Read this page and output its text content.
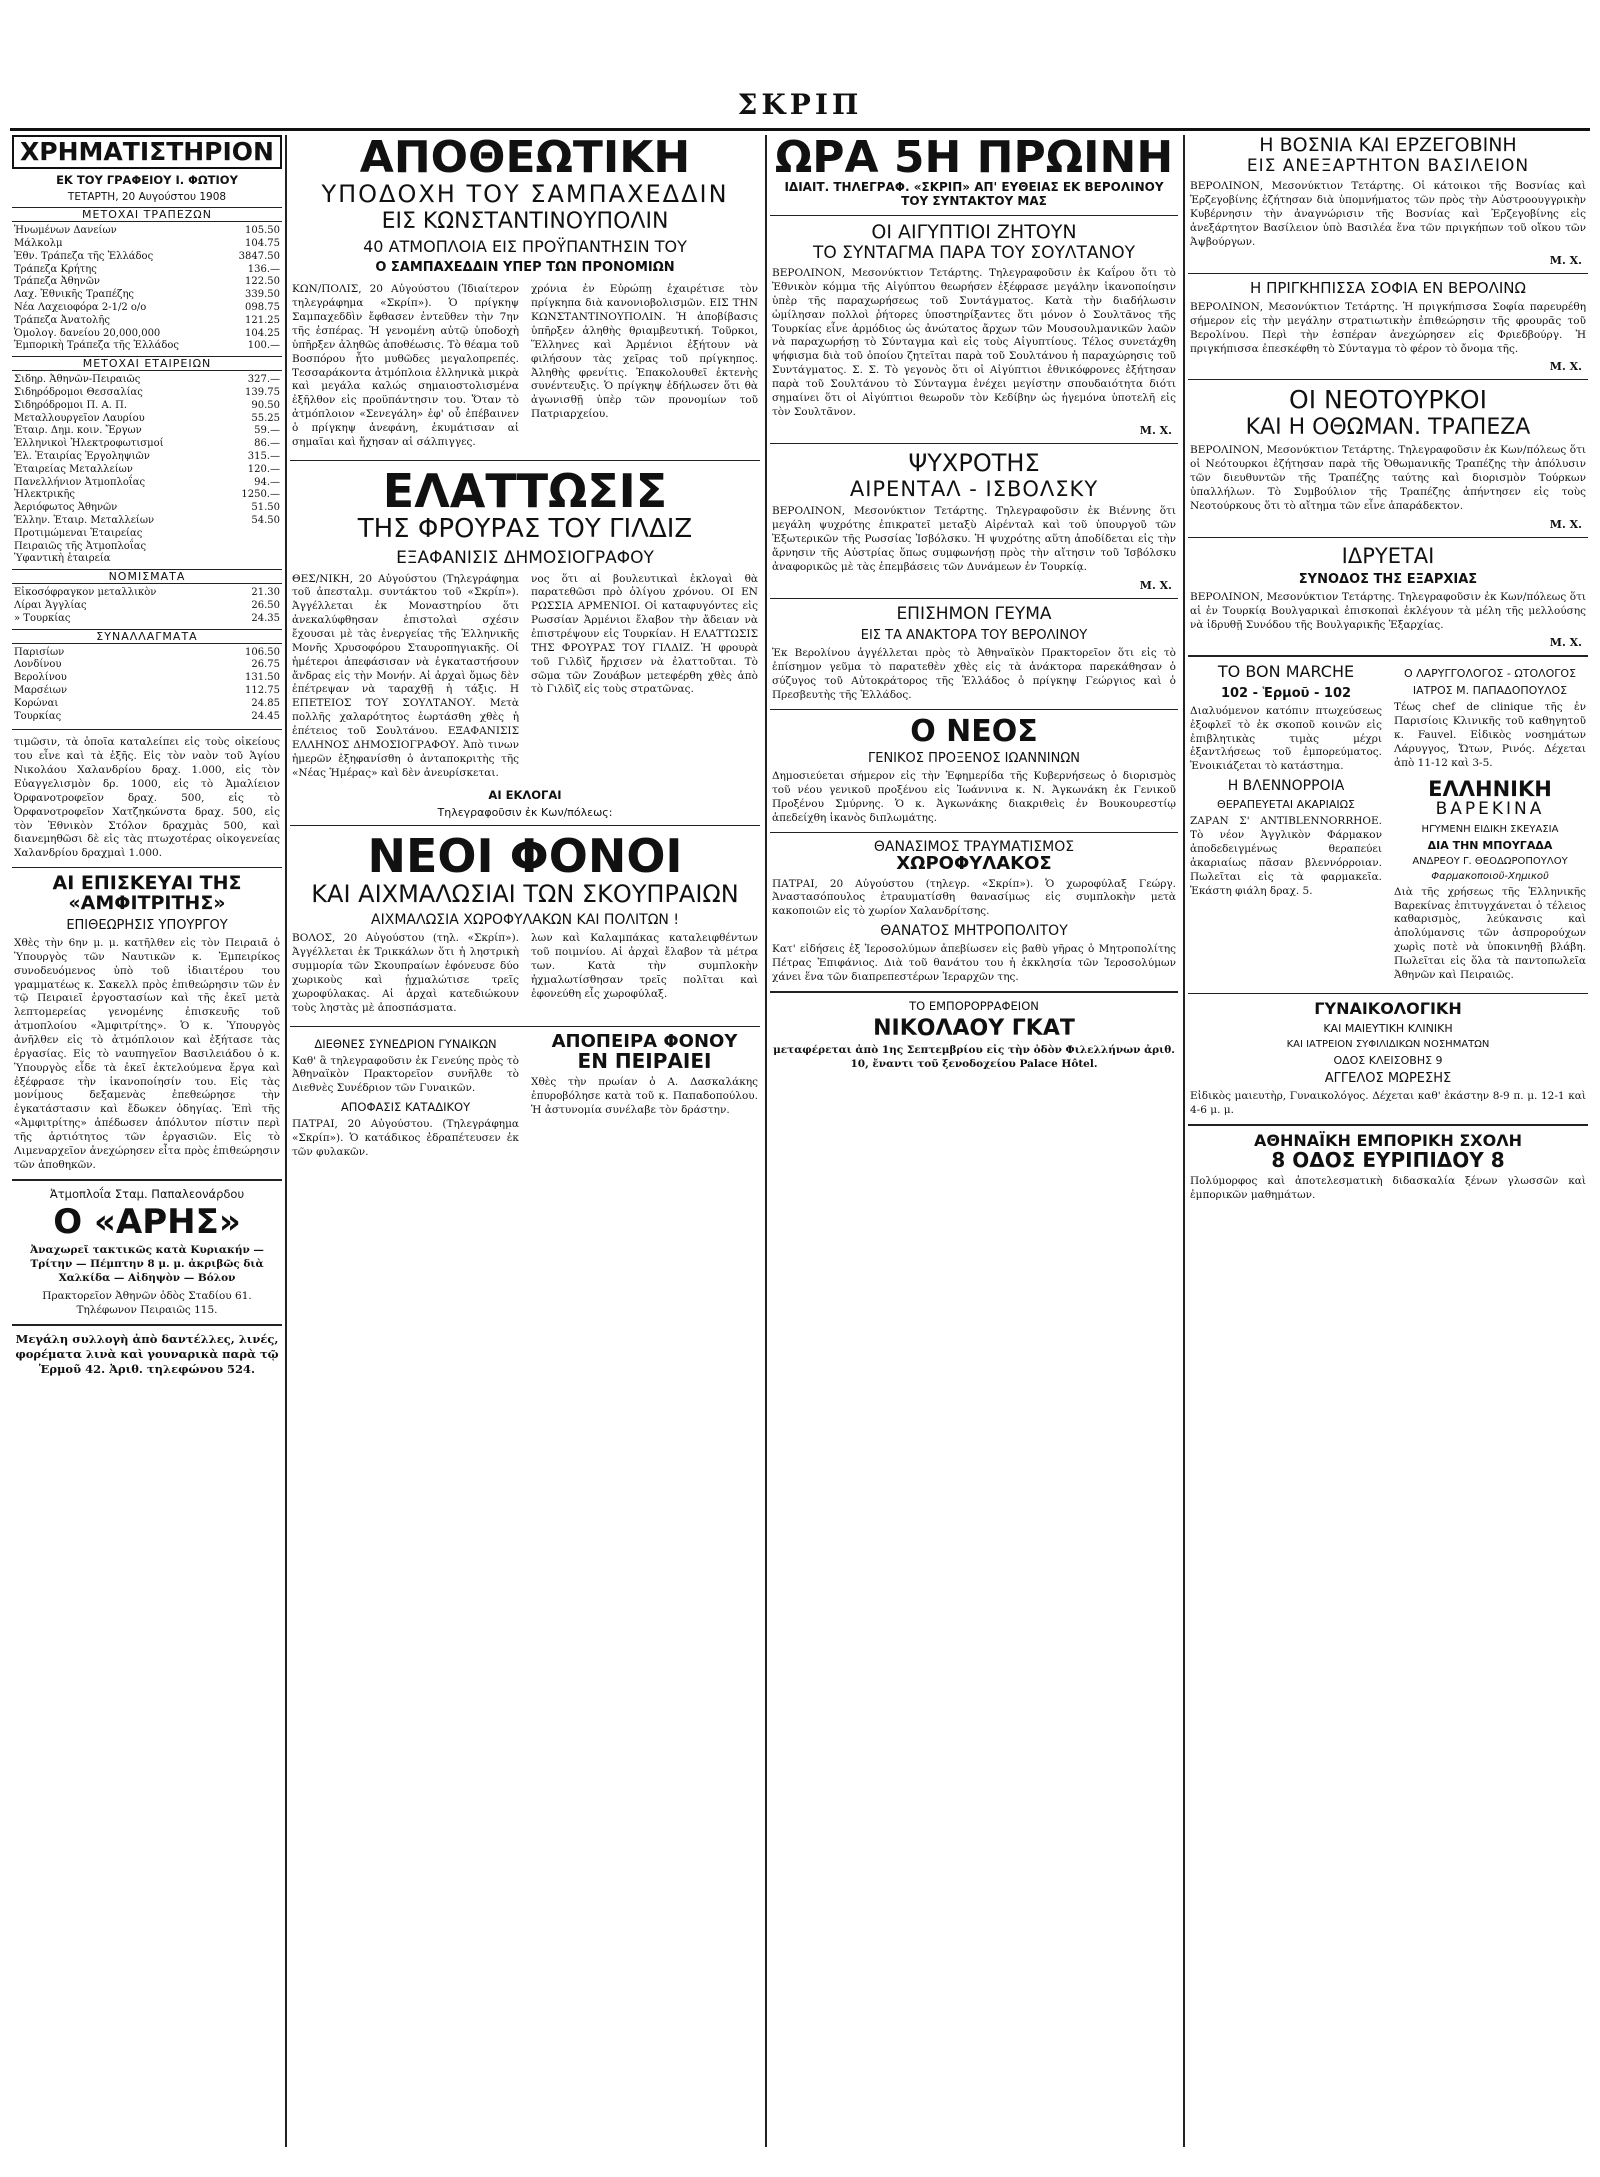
ΣΚΡΙΠ
ΧΡΗΜΑΤΙΣΤΗΡΙΟΝ
ΕΚ ΤΟΥ ΓΡΑΦΕΙΟΥ Ι. ΦΩΤΙΟΥ
ΤΕΤΑΡΤΗ, 20 Αυγούστου 1908
ΜΕΤΟΧΑΙ ΤΡΑΠΕΖΩΝ
Ἡνωμένων Δανείων	105.50
Μάλκολμ	104.75
Ἐθν. Τράπεζα τῆς Ἑλλάδος	3847.50
Τράπεζα Κρήτης	136.—
Τράπεζα Ἀθηνῶν	122.50
Λαχ. Ἐθνικῆς Τραπέζης	339.50
Νέα Λαχειοφόρα 2-1/2 ο/ο	098.75
Τράπεζα Ἀνατολῆς	121.25
Ὁμολογ. δανείου 20,000,000	104.25
Ἐμπορικὴ Τράπεζα τῆς Ἑλλάδος	100.—
ΜΕΤΟΧΑΙ ΕΤΑΙΡΕΙΩΝ
Σιδηρ. Ἀθηνῶν-Πειραιῶς	327.—
Σιδηρόδρομοι Θεσσαλίας	139.75
Σιδηρόδρομοι Π. Α. Π.	90.50
Μεταλλουργεῖον Λαυρίου	55.25
Ἑταιρ. Δημ. κοιν. Ἔργων	59.—
Ἑλληνικοὶ Ἠλεκτροφωτισμοί	86.—
Ἑλ. Ἑταιρίας Ἐργοληψιῶν	315.—
Ἑταιρείας Μεταλλείων	120.—
Πανελλήνιον Ἀτμοπλοΐας	94.—
Ἠλεκτρικῆς	1250.—
Ἀεριόφωτος Ἀθηνῶν	51.50
Ἑλλην. Ἑταιρ. Μεταλλείων	54.50
Προτιμώμεναι Ἑταιρείας	
Πειραιῶς τῆς Ἀτμοπλοΐας	
Ὑφαντικὴ ἑταιρεία	
ΝΟΜΙΣΜΑΤΑ
Εἰκοσόφραγκον μεταλλικὸν	21.30
Λίραι Ἀγγλίας	26.50
» Τουρκίας	24.35
ΣΥΝΑΛΛΑΓΜΑΤΑ
Παρισίων	106.50
Λονδίνου	26.75
Βερολίνου	131.50
Μαρσέιων	112.75
Κορώναι	24.85
Τουρκίας	24.45
τιμῶσιν, τὰ ὁποῖα καταλείπει εἰς τοὺς οἰκείους του εἶνε καὶ τὰ ἑξῆς. Εἰς τὸν ναὸν τοῦ Ἁγίου Νικολάου Χαλανδρίου δραχ. 1.000, εἰς τὸν Εὐαγγελισμὸν δρ. 1000, εἰς τὸ Ἀμαλίειον Ὀρφανοτροφεῖον δραχ. 500, εἰς τὸ Ὀρφανοτροφεῖον Χατζηκώνστα δραχ. 500, εἰς τὸν Ἐθνικὸν Στόλον δραχμὰς 500, καὶ διανεμηθῶσι δὲ εἰς τὰς πτωχοτέρας οἰκογενείας Χαλανδρίου δραχμαὶ 1.000.
ΑΙ ΕΠΙΣΚΕΥΑΙ ΤΗΣ «ΑΜΦΙΤΡΙΤΗΣ»
ΕΠΙΘΕΩΡΗΣΙΣ ΥΠΟΥΡΓΟΥ
Χθὲς τὴν 6ην μ. μ. κατῆλθεν εἰς τὸν Πειραιᾶ ὁ Ὑπουργὸς τῶν Ναυτικῶν κ. Ἐμπειρίκος συνοδευόμενος ὑπὸ τοῦ ἰδιαιτέρου του γραμματέως κ. Σακελλ πρὸς ἐπιθεώρησιν τῶν ἐν τῷ Πειραιεῖ ἐργοστασίων καὶ τῆς ἐκεῖ μετὰ λεπτομερείας γενομένης ἐπισκευῆς τοῦ ἀτμοπλοίου «Ἀμφιτρίτης». Ὁ κ. Ὑπουργὸς ἀνῆλθεν εἰς τὸ ἀτμόπλοιον καὶ ἐξήτασε τὰς ἐργασίας. Εἰς τὸ ναυπηγεῖον Βασιλειάδου ὁ κ. Ὑπουργὸς εἶδε τὰ ἐκεῖ ἐκτελούμενα ἔργα καὶ ἐξέφρασε τὴν ἱκανοποίησίν του. Εἰς τὰς μονίμους δεξαμενὰς ἐπεθεώρησε τὴν ἐγκατάστασιν καὶ ἔδωκεν ὁδηγίας. Ἐπὶ τῆς «Ἀμφιτρίτης» ἀπέδωσεν ἀπόλυτον πίστιν περὶ τῆς ἀρτιότητος τῶν ἐργασιῶν. Εἰς τὸ Λιμεναρχεῖον ἀνεχώρησεν εἶτα πρὸς ἐπιθεώρησιν τῶν ἀποθηκῶν.
Ἀτμοπλοΐα Σταμ. Παπαλεονάρδου
Ο «ΑΡΗΣ»
Ἀναχωρεῖ τακτικῶς κατὰ Κυριακήν — Τρίτην — Πέμπτην 8 μ. μ. ἀκριβῶς διὰ Χαλκίδα — Αἰδηψὸν — Βόλον
Πρακτορεῖον Ἀθηνῶν ὁδὸς Σταδίου 61. Τηλέφωνον Πειραιῶς 115.
Μεγάλη συλλογὴ ἀπὸ δαντέλλες, λινές, φορέματα λινὰ καὶ γουναρικὰ παρὰ τῷ Ἑρμοῦ 42. Ἀριθ. τηλεφώνου 524.
ΑΠΟΘΕΩΤΙΚΗ
ΥΠΟΔΟΧΗ ΤΟΥ ΣΑΜΠΑΧΕΔΔΙΝ
ΕΙΣ ΚΩΝΣΤΑΝΤΙΝΟΥΠΟΛΙΝ
40 ΑΤΜΟΠΛΟΙΑ ΕΙΣ ΠΡΟΫΠΑΝΤΗΣΙΝ ΤΟΥ
Ο ΣΑΜΠΑΧΕΔΔΙΝ ΥΠΕΡ ΤΩΝ ΠΡΟΝΟΜΙΩΝ
ΚΩΝ/ΠΟΛΙΣ, 20 Αὐγούστου (Ἰδιαίτερον τηλεγράφημα «Σκρίπ»). Ὁ πρίγκηψ Σαμπαχεδδὶν ἔφθασεν ἐντεῦθεν τὴν 7ην τῆς ἑσπέρας. Ἡ γενομένη αὐτῷ ὑποδοχὴ ὑπῆρξεν ἀληθῶς ἀποθέωσις. Τὸ θέαμα τοῦ Βοσπόρου ἦτο μυθῶδες μεγαλοπρεπές. Τεσσαράκοντα ἀτμόπλοια ἑλληνικὰ μικρὰ καὶ μεγάλα καλώς σημαιοστολισμένα ἐξῆλθον εἰς προϋπάντησιν του. Ὅταν τὸ ἀτμόπλοιον «Σενεγάλη» ἐφ' οὗ ἐπέβαινεν ὁ πρίγκηψ ἀνεφάνη, ἐκυμάτισαν αἱ σημαῖαι καὶ ἤχησαν αἱ σάλπιγγες.
χρόνια ἐν Εὐρώπῃ ἐχαιρέτισε τὸν πρίγκηπα διὰ κανονιοβολισμῶν. ΕΙΣ ΤΗΝ ΚΩΝΣΤΑΝΤΙΝΟΥΠΟΛΙΝ. Ἡ ἀποβίβασις ὑπῆρξεν ἀληθὴς θριαμβευτική. Τοῦρκοι, Ἕλληνες καὶ Ἀρμένιοι ἐξήτουν νὰ φιλήσουν τὰς χεῖρας τοῦ πρίγκηπος. Ἀληθὴς φρενίτις. Ἐπακολουθεῖ ἐκτενὴς συνέντευξις. Ὁ πρίγκηψ ἐδήλωσεν ὅτι θὰ ἀγωνισθῇ ὑπὲρ τῶν προνομίων τοῦ Πατριαρχείου.
ΕΛΑΤΤΩΣΙΣ
ΤΗΣ ΦΡΟΥΡΑΣ ΤΟΥ ΓΙΛΔΙΖ
ΕΞΑΦΑΝΙΣΙΣ ΔΗΜΟΣΙΟΓΡΑΦΟΥ
ΘΕΣ/ΝΙΚΗ, 20 Αὐγούστου (Τηλεγράφημα τοῦ ἀπεσταλμ. συντάκτου τοῦ «Σκρίπ»). Ἀγγέλλεται ἐκ Μοναστηρίου ὅτι ἀνεκαλύφθησαν ἐπιστολαὶ σχέσιν ἔχουσαι μὲ τὰς ἐνεργείας τῆς Ἑλληνικῆς Μονῆς Χρυσοφόρου Σταυροπηγιακῆς. Οἱ ἡμέτεροι ἀπεφάσισαν νὰ ἐγκαταστήσουν ἄνδρας εἰς τὴν Μονήν. Αἱ ἀρχαὶ ὅμως δὲν ἐπέτρεψαν νὰ ταραχθῇ ἡ τάξις. Η ΕΠΕΤΕΙΟΣ ΤΟΥ ΣΟΥΛΤΑΝΟΥ. Μετὰ πολλῆς χαλαρότητος ἑωρτάσθη χθὲς ἡ ἐπέτειος τοῦ Σουλτάνου. ΕΞΑΦΑΝΙΣΙΣ ΕΛΛΗΝΟΣ ΔΗΜΟΣΙΟΓΡΑΦΟΥ. Ἀπὸ τινων ἡμερῶν ἐξηφανίσθη ὁ ἀνταποκριτὴς τῆς «Νέας Ἡμέρας» καὶ δὲν ἀνευρίσκεται.
νος ὅτι αἱ βουλευτικαὶ ἐκλογαὶ θὰ παρατεθῶσι πρὸ ὀλίγου χρόνου. ΟΙ ΕΝ ΡΩΣΣΙΑ ΑΡΜΕΝΙΟΙ. Οἱ καταφυγόντες εἰς Ρωσσίαν Ἀρμένιοι ἔλαβον τὴν ἄδειαν νὰ ἐπιστρέψουν εἰς Τουρκίαν. Η ΕΛΑΤΤΩΣΙΣ ΤΗΣ ΦΡΟΥΡΑΣ ΤΟΥ ΓΙΛΔΙΖ. Ἡ φρουρὰ τοῦ Γιλδὶζ ἤρχισεν νὰ ἐλαττοῦται. Τὸ σῶμα τῶν Ζουάβων μετεφέρθη χθὲς ἀπὸ τὸ Γιλδὶζ εἰς τοὺς στρατῶνας.
ΑΙ ΕΚΛΟΓΑΙ
Τηλεγραφοῦσιν ἐκ Κων/πόλεως:
ΝΕΟΙ ΦΟΝΟΙ
ΚΑΙ ΑΙΧΜΑΛΩΣΙΑΙ ΤΩΝ ΣΚΟΥΠΡΑΙΩΝ
ΑΙΧΜΑΛΩΣΙΑ ΧΩΡΟΦΥΛΑΚΩΝ ΚΑΙ ΠΟΛΙΤΩΝ !
ΒΟΛΟΣ, 20 Αὐγούστου (τηλ. «Σκρίπ»). Ἀγγέλλεται ἐκ Τρικκάλων ὅτι ἡ ληστρικὴ συμμορία τῶν Σκουπραίων ἐφόνευσε δύο χωρικοὺς καὶ ᾐχμαλώτισε τρεῖς χωροφύλακας. Αἱ ἀρχαὶ κατεδιώκουν τοὺς ληστὰς μὲ ἀποσπάσματα.
λων καὶ Καλαμπάκας καταλειφθέντων τοῦ ποιμνίου. Αἱ ἀρχαὶ ἔλαβον τὰ μέτρα των. Κατὰ τὴν συμπλοκὴν ἠχμαλωτίσθησαν τρεῖς πολῖται καὶ ἐφονεύθη εἷς χωροφύλαξ.
ΔΙΕΘΝΕΣ ΣΥΝΕΔΡΙΟΝ ΓΥΝΑΙΚΩΝ
Καθ' ἃ τηλεγραφοῦσιν ἐκ Γενεύης πρὸς τὸ Ἀθηναϊκὸν Πρακτορεῖον συνῆλθε τὸ Διεθνὲς Συνέδριον τῶν Γυναικῶν.
ΑΠΟΦΑΣΙΣ ΚΑΤΑΔΙΚΟΥ
ΠΑΤΡΑΙ, 20 Αὐγούστου. (Τηλεγράφημα «Σκρίπ»). Ὁ κατάδικος ἐδραπέτευσεν ἐκ τῶν φυλακῶν.
ΑΠΟΠΕΙΡΑ ΦΟΝΟΥ
ΕΝ ΠΕΙΡΑΙΕΙ
Χθὲς τὴν πρωίαν ὁ Α. Δασκαλάκης ἐπυροβόλησε κατὰ τοῦ κ. Παπαδοπούλου. Ἡ ἀστυνομία συνέλαβε τὸν δράστην.
ΩΡΑ 5Η ΠΡΩΙΝΗ
ΙΔΙΑΙΤ. ΤΗΛΕΓΡΑΦ. «ΣΚΡΙΠ» ΑΠ' ΕΥΘΕΙΑΣ ΕΚ ΒΕΡΟΛΙΝΟΥ ΤΟΥ ΣΥΝΤΑΚΤΟΥ ΜΑΣ
ΟΙ ΑΙΓΥΠΤΙΟΙ ΖΗΤΟΥΝ
ΤΟ ΣΥΝΤΑΓΜΑ ΠΑΡΑ ΤΟΥ ΣΟΥΛΤΑΝΟΥ
ΒΕΡΟΛΙΝΟΝ, Μεσονύκτιον Τετάρτης. Τηλεγραφοῦσιν ἐκ Καΐρου ὅτι τὸ Ἐθνικὸν κόμμα τῆς Αἰγύπτου θεωρήσεν ἐξέφρασε μεγάλην ἱκανοποίησιν ὑπὲρ τῆς παραχωρήσεως τοῦ Συντάγματος. Κατὰ τὴν διαδήλωσιν ὡμίλησαν πολλοὶ ῥήτορες ὑποστηρίξαντες ὅτι μόνον ὁ Σουλτᾶνος τῆς Τουρκίας εἶνε ἁρμόδιος ὡς ἀνώτατος ἄρχων τῶν Μουσουλμανικῶν λαῶν νὰ παραχωρήσῃ τὸ Σύνταγμα καὶ εἰς τοὺς Αἰγυπτίους. Τέλος συνετάχθη ψήφισμα διὰ τοῦ ὁποίου ζητεῖται παρὰ τοῦ Σουλτάνου ἡ παραχώρησις τοῦ Συντάγματος. Σ. Σ. Τὸ γεγονὸς ὅτι οἱ Αἰγύπτιοι ἐθνικόφρονες ἐξήτησαν παρὰ τοῦ Σουλτάνου τὸ Σύνταγμα ἐνέχει μεγίστην σπουδαιότητα διότι σημαίνει ὅτι οἱ Αἰγύπτιοι θεωροῦν τὸν Κεδίβην ὡς ἡγεμόνα ὑποτελῆ εἰς τὸν Σουλτᾶνον.
Μ. Χ.
ΨΥΧΡΟΤΗΣ
ΑΙΡΕΝΤΑΛ - ΙΣΒΟΛΣΚΥ
ΒΕΡΟΛΙΝΟΝ, Μεσονύκτιον Τετάρτης. Τηλεγραφοῦσιν ἐκ Βιέννης ὅτι μεγάλη ψυχρότης ἐπικρατεῖ μεταξὺ Αἰρένταλ καὶ τοῦ ὑπουργοῦ τῶν Ἐξωτερικῶν τῆς Ρωσσίας Ἰσβόλσκυ. Ἡ ψυχρότης αὕτη ἀποδίδεται εἰς τὴν ἄρνησιν τῆς Αὐστρίας ὅπως συμφωνήσῃ πρὸς τὴν αἴτησιν τοῦ Ἰσβόλσκυ ἀναφορικῶς μὲ τὰς ἐπεμβάσεις τῶν Δυνάμεων ἐν Τουρκίᾳ.
Μ. Χ.
ΕΠΙΣΗΜΟΝ ΓΕΥΜΑ
ΕΙΣ ΤΑ ΑΝΑΚΤΟΡΑ ΤΟΥ ΒΕΡΟΛΙΝΟΥ
Ἐκ Βερολίνου ἀγγέλλεται πρὸς τὸ Ἀθηναϊκὸν Πρακτορεῖον ὅτι εἰς τὸ ἐπίσημον γεῦμα τὸ παρατεθὲν χθὲς εἰς τὰ ἀνάκτορα παρεκάθησαν ὁ σύζυγος τοῦ Αὐτοκράτορος τῆς Ἑλλάδος ὁ πρίγκηψ Γεώργιος καὶ ὁ Πρεσβευτὴς τῆς Ἑλλάδος.
Ο ΝΕΟΣ
ΓΕΝΙΚΟΣ ΠΡΟΞΕΝΟΣ ΙΩΑΝΝΙΝΩΝ
Δημοσιεύεται σήμερον εἰς τὴν Ἐφημερίδα τῆς Κυβερνήσεως ὁ διορισμὸς τοῦ νέου γενικοῦ προξένου εἰς Ἰωάννινα κ. Ν. Ἀγκωνάκη ἐκ Γενικοῦ Προξένου Σμύρνης. Ὁ κ. Ἀγκωνάκης διακριθεὶς ἐν Βουκουρεστίῳ ἀπεδείχθη ἱκανὸς διπλωμάτης.
ΘΑΝΑΣΙΜΟΣ ΤΡΑΥΜΑΤΙΣΜΟΣ
ΧΩΡΟΦΥΛΑΚΟΣ
ΠΑΤΡΑΙ, 20 Αὐγούστου (τηλεγρ. «Σκρίπ»). Ὁ χωροφύλαξ Γεώργ. Ἀναστασόπουλος ἐτραυματίσθη θανασίμως εἰς συμπλοκὴν μετὰ κακοποιῶν εἰς τὸ χωρίον Χαλανδρίτσης.
ΘΑΝΑΤΟΣ ΜΗΤΡΟΠΟΛΙΤΟΥ
Κατ' εἰδήσεις ἐξ Ἱεροσολύμων ἀπεβίωσεν εἰς βαθὺ γῆρας ὁ Μητροπολίτης Πέτρας Ἐπιφάνιος. Διὰ τοῦ θανάτου του ἡ ἐκκλησία τῶν Ἱεροσολύμων χάνει ἕνα τῶν διαπρεπεστέρων Ἱεραρχῶν της.
ΤΟ ΕΜΠΟΡΟΡΡΑΦΕΙΟΝ
ΝΙΚΟΛΑΟΥ ΓΚΑΤ
μεταφέρεται ἀπὸ 1ης Σεπτεμβρίου εἰς τὴν ὁδὸν Φιλελλήνων ἀριθ. 10, ἔναντι τοῦ ξενοδοχείου Palace Hôtel.
Η ΒΟΣΝΙΑ ΚΑΙ ΕΡΖΕΓΟΒΙΝΗ
ΕΙΣ ΑΝΕΞΑΡΤΗΤΟΝ ΒΑΣΙΛΕΙΟΝ
ΒΕΡΟΛΙΝΟΝ, Μεσονύκτιον Τετάρτης. Οἱ κάτοικοι τῆς Βοσνίας καὶ Ἐρζεγοβίνης ἐζήτησαν διὰ ὑπομνήματος τῶν πρὸς τὴν Αὐστροουγγρικὴν Κυβέρνησιν τὴν ἀναγνώρισιν τῆς Βοσνίας καὶ Ἐρζεγοβίνης εἰς ἀνεξάρτητον Βασίλειον ὑπὸ Βασιλέα ἕνα τῶν πριγκήπων τοῦ οἴκου τῶν Ἀψβούργων.
Μ. Χ.
Η ΠΡΙΓΚΗΠΙΣΣΑ ΣΟΦΙΑ ΕΝ ΒΕΡΟΛΙΝΩ
ΒΕΡΟΛΙΝΟΝ, Μεσονύκτιον Τετάρτης. Ἡ πριγκήπισσα Σοφία παρευρέθη σήμερον εἰς τὴν μεγάλην στρατιωτικὴν ἐπιθεώρησιν τῆς φρουρᾶς τοῦ Βερολίνου. Περὶ τὴν ἑσπέραν ἀνεχώρησεν εἰς Φριεδβούργ. Ἡ πριγκήπισσα ἐπεσκέφθη τὸ Σύνταγμα τὸ φέρον τὸ ὄνομα τῆς.
Μ. Χ.
ΟΙ ΝΕΟΤΟΥΡΚΟΙ
ΚΑΙ Η ΟΘΩΜΑΝ. ΤΡΑΠΕΖΑ
ΒΕΡΟΛΙΝΟΝ, Μεσονύκτιον Τετάρτης. Τηλεγραφοῦσιν ἐκ Κων/πόλεως ὅτι οἱ Νεότουρκοι ἐζήτησαν παρὰ τῆς Ὀθωμανικῆς Τραπέζης τὴν ἀπόλυσιν τῶν διευθυντῶν τῆς Τραπέζης ταύτης καὶ διορισμὸν Τούρκων ὑπαλλήλων. Τὸ Συμβούλιον τῆς Τραπέζης ἀπήντησεν εἰς τοὺς Νεοτούρκους ὅτι τὸ αἴτημα τῶν εἶνε ἀπαράδεκτον.
Μ. Χ.
ΙΔΡΥΕΤΑΙ
ΣΥΝΟΔΟΣ ΤΗΣ ΕΞΑΡΧΙΑΣ
ΒΕΡΟΛΙΝΟΝ, Μεσονύκτιον Τετάρτης. Τηλεγραφοῦσιν ἐκ Κων/πόλεως ὅτι αἱ ἐν Τουρκίᾳ Βουλγαρικαὶ ἐπισκοπαὶ ἐκλέγουν τὰ μέλη τῆς μελλούσης νὰ ἱδρυθῇ Συνόδου τῆς Βουλγαρικῆς Ἐξαρχίας.
Μ. Χ.
ΤΟ BON MARCHE
102 - Ἑρμοῦ - 102
Διαλυόμενον κατόπιν πτωχεύσεως ἐξοφλεῖ τὸ ἐκ σκοποῦ κοινῶν εἰς ἐπιβλητικὰς τιμὰς μέχρι ἐξαντλήσεως τοῦ ἐμπορεύματος. Ἐνοικιάζεται τὸ κατάστημα.
Ο ΛΑΡΥΓΓΟΛΟΓΟΣ - ΩΤΟΛΟΓΟΣ
ΙΑΤΡΟΣ Μ. ΠΑΠΑΔΟΠΟΥΛΟΣ
Τέως chef de clinique τῆς ἐν Παρισίοις Κλινικῆς τοῦ καθηγητοῦ κ. Fauvel. Εἰδικὸς νοσημάτων Λάρυγγος, Ὤτων, Ρινός. Δέχεται ἀπὸ 11-12 καὶ 3-5.
Η ΒΛΕΝΝΟΡΡΟΙΑ
ΘΕΡΑΠΕΥΕΤΑΙ ΑΚΑΡΙΑΙΩΣ
ΖΑΡΑΝ Σ' ANTIBLENNORRHOE. Τὸ νέον Ἀγγλικὸν Φάρμακον ἀποδεδειγμένως θεραπεύει ἀκαριαίως πᾶσαν βλεννόρροιαν. Πωλεῖται εἰς τὰ φαρμακεῖα. Ἑκάστη φιάλη δραχ. 5.
ΕΛΛΗΝΙΚΗ
ΒΑΡΕΚΙΝΑ
ΗΓΥΜΕΝΗ ΕΙΔΙΚΗ ΣΚΕΥΑΣΙΑ
ΔΙΑ ΤΗΝ ΜΠΟΥΓΑΔΑ
ΑΝΔΡΕΟΥ Γ. ΘΕΟΔΩΡΟΠΟΥΛΟΥ
Φαρμακοποιοῦ-Χημικοῦ
Διὰ τῆς χρήσεως τῆς Ἑλληνικῆς Βαρεκίνας ἐπιτυγχάνεται ὁ τέλειος καθαρισμὸς, λεύκανσις καὶ ἀπολύμανσις τῶν ἀσπρορούχων χωρὶς ποτὲ νὰ ὑποκινηθῇ βλάβη. Πωλεῖται εἰς ὅλα τὰ παντοπωλεῖα Ἀθηνῶν καὶ Πειραιῶς.
ΓΥΝΑΙΚΟΛΟΓΙΚΗ
ΚΑΙ ΜΑΙΕΥΤΙΚΗ ΚΛΙΝΙΚΗ
ΚΑΙ ΙΑΤΡΕΙΟΝ ΣΥΦΙΛΙΔΙΚΩΝ ΝΟΣΗΜΑΤΩΝ
ΟΔΟΣ ΚΛΕΙΣΟΒΗΣ 9
ΑΓΓΕΛΟΣ ΜΩΡΕΣΗΣ
Εἰδικὸς μαιευτὴρ, Γυναικολόγος. Δέχεται καθ' ἑκάστην 8-9 π. μ. 12-1 καὶ 4-6 μ. μ.
ΑΘΗΝΑΪΚΗ ΕΜΠΟΡΙΚΗ ΣΧΟΛΗ
8 ΟΔΟΣ ΕΥΡΙΠΙΔΟΥ 8
Πολύμορφος καὶ ἀποτελεσματικὴ διδασκαλία ξένων γλωσσῶν καὶ ἐμπορικῶν μαθημάτων.
